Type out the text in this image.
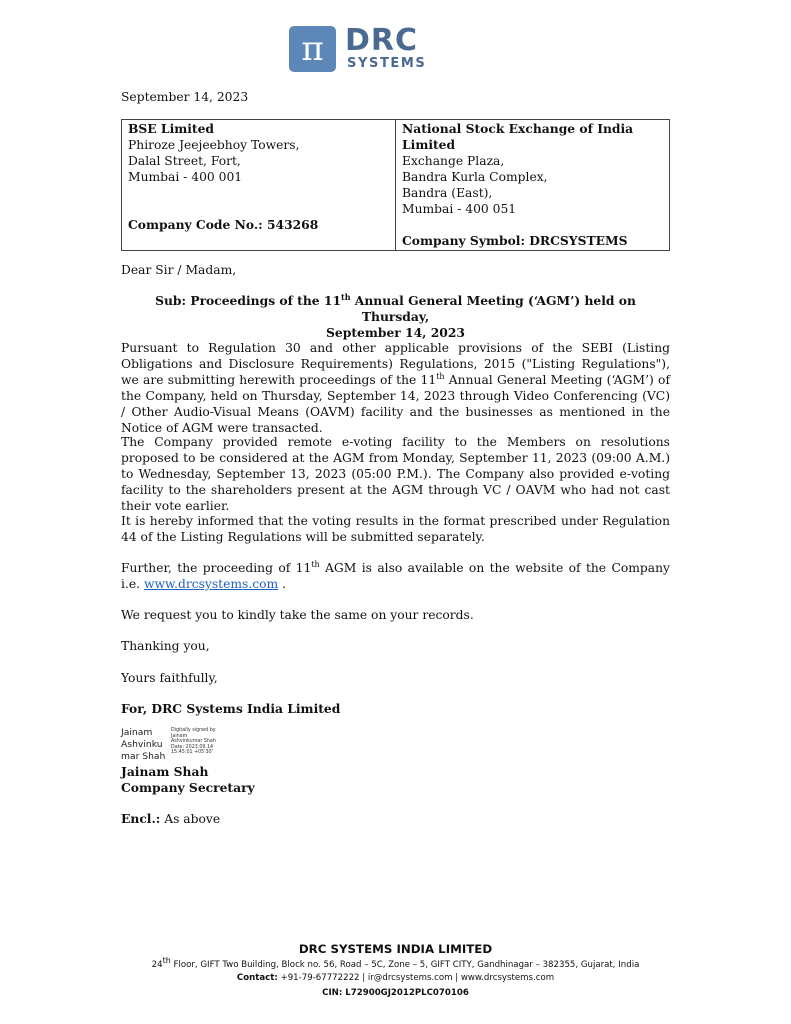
π DRC
SYSTEMS
September 14, 2023
BSE Limited
Phiroze Jeejeebhoy Towers,
Dalal Street, Fort,
Mumbai - 400 001
Company Code No.: 543268

National Stock Exchange of India Limited
Exchange Plaza,
Bandra Kurla Complex,
Bandra (East),
Mumbai - 400 051
Company Symbol: DRCSYSTEMS
Dear Sir / Madam,
Sub: Proceedings of the 11th Annual General Meeting (‘AGM’) held on Thursday,
September 14, 2023
Pursuant to Regulation 30 and other applicable provisions of the SEBI (Listing Obligations and Disclosure Requirements) Regulations, 2015 ("Listing Regulations"), we are submitting herewith proceedings of the 11th Annual General Meeting (‘AGM’) of the Company, held on Thursday, September 14, 2023 through Video Conferencing (VC) / Other Audio-Visual Means (OAVM) facility and the businesses as mentioned in the Notice of AGM were transacted.
The Company provided remote e-voting facility to the Members on resolutions proposed to be considered at the AGM from Monday, September 11, 2023 (09:00 A.M.) to Wednesday, September 13, 2023 (05:00 P.M.). The Company also provided e-voting facility to the shareholders present at the AGM through VC / OAVM who had not cast their vote earlier.
It is hereby informed that the voting results in the format prescribed under Regulation 44 of the Listing Regulations will be submitted separately.
Further, the proceeding of 11th AGM is also available on the website of the Company i.e. www.drcsystems.com .
We request you to kindly take the same on your records.
Thanking you,
Yours faithfully,
For, DRC Systems India Limited
Jainam
Ashvinku
mar Shah
Digitally signed by
Jainam
Ashvinkumar Shah
Date: 2023.09.14
15:45:01 +05'30'
Jainam Shah
Company Secretary
Encl.: As above
DRC SYSTEMS INDIA LIMITED
24th Floor, GIFT Two Building, Block no. 56, Road – 5C, Zone – 5, GIFT CITY, Gandhinagar – 382355, Gujarat, India
Contact: +91-79-67772222 | ir@drcsystems.com | www.drcsystems.com
CIN: L72900GJ2012PLC070106
